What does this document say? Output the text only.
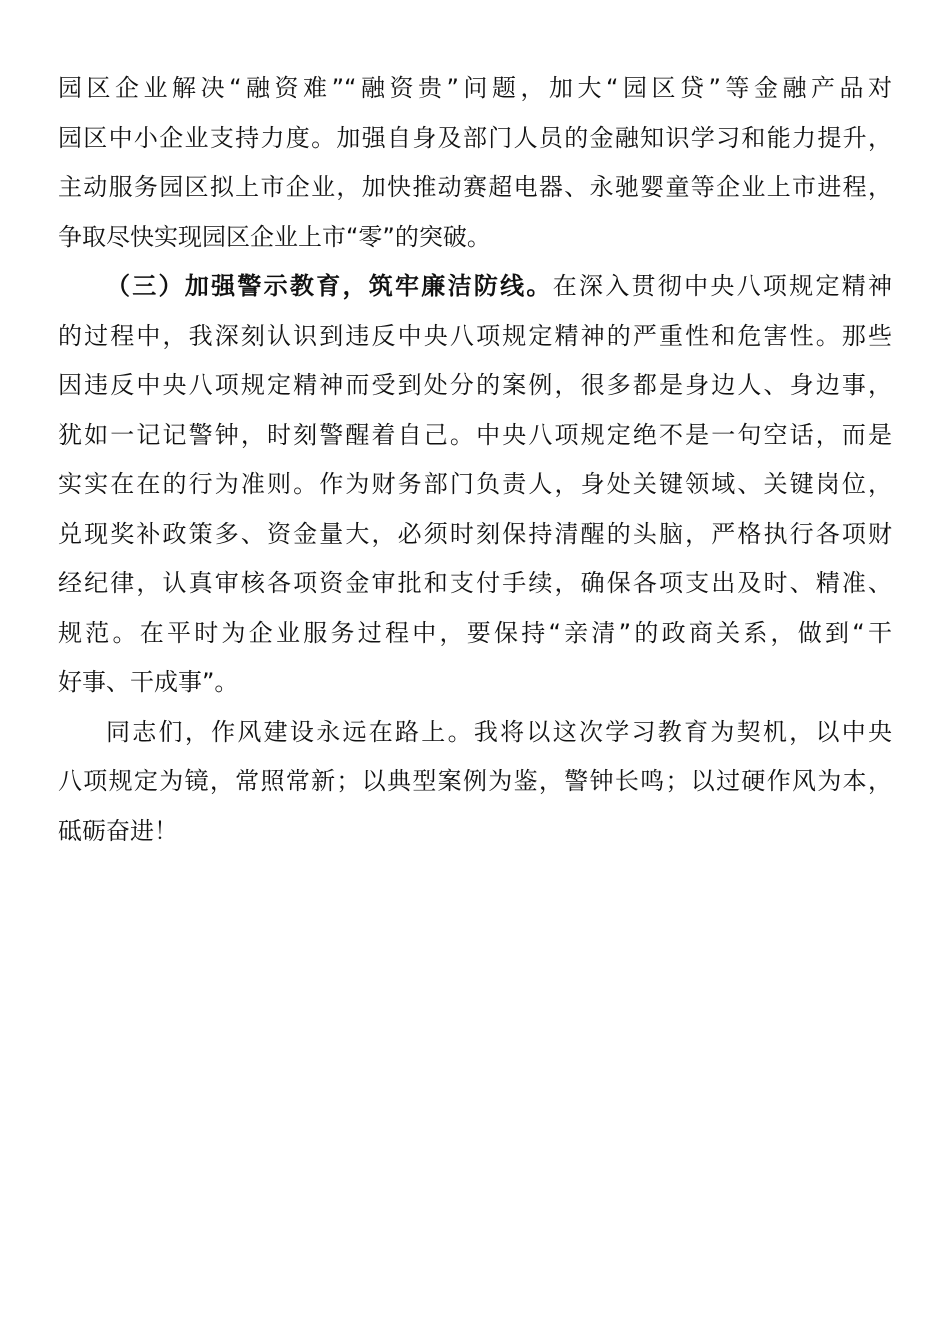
园区企业解决“融资难”“融资贵”问题，加大“园区贷”等金融产品对
园区中小企业支持力度。加强自身及部门人员的金融知识学习和能力提升，
主动服务园区拟上市企业，加快推动赛超电器、永驰婴童等企业上市进程，
争取尽快实现园区企业上市“零”的突破。
（三）加强警示教育，筑牢廉洁防线。在深入贯彻中央八项规定精神
的过程中，我深刻认识到违反中央八项规定精神的严重性和危害性。那些
因违反中央八项规定精神而受到处分的案例，很多都是身边人、身边事，
犹如一记记警钟，时刻警醒着自己。中央八项规定绝不是一句空话，而是
实实在在的行为准则。作为财务部门负责人，身处关键领域、关键岗位，
兑现奖补政策多、资金量大，必须时刻保持清醒的头脑，严格执行各项财
经纪律，认真审核各项资金审批和支付手续，确保各项支出及时、精准、
规范。在平时为企业服务过程中，要保持“亲清”的政商关系，做到“干
好事、干成事”。
同志们，作风建设永远在路上。我将以这次学习教育为契机，以中央
八项规定为镜，常照常新；以典型案例为鉴，警钟长鸣；以过硬作风为本，
砥砺奋进！
